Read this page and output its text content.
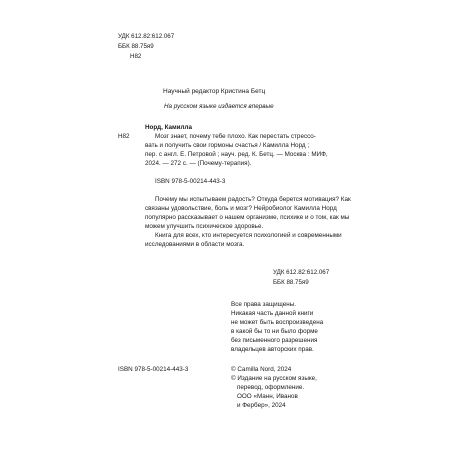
УДК 612.82:612.067
ББК 88.75я9
Н82
Научный редактор Кристина Бетц
На русском языке издается впервые
Н82
Норд, Камилла
Мозг знает, почему тебе плохо. Как перестать стрессо-
вать и получить свои гормоны счастья / Камилла Норд ;
пер. с англ. Е. Петровой ; науч. ред. К. Бетц. — Москва : МИФ,
2024. — 272 с. — (Почему-терапия).
ISBN 978-5-00214-443-3
Почему мы испытываем радость? Откуда берется мотивация? Как
связаны удовольствие, боль и мозг? Нейробиолог Камилла Норд
популярно рассказывает о нашем организме, психике и о том, как мы
можем улучшить психическое здоровье.
Книга для всех, кто интересуется психологией и современными
исследованиями в области мозга.
УДК 612.82:612.067
ББК 88.75я9
Все права защищены.
Никакая часть данной книги
не может быть воспроизведена
в какой бы то ни было форме
без письменного разрешения
владельцев авторских прав.
ISBN 978-5-00214-443-3	© Camilla Nord, 2024
© Издание на русском языке,
перевод, оформление.
ООО «Манн, Иванов
и Фербер», 2024
